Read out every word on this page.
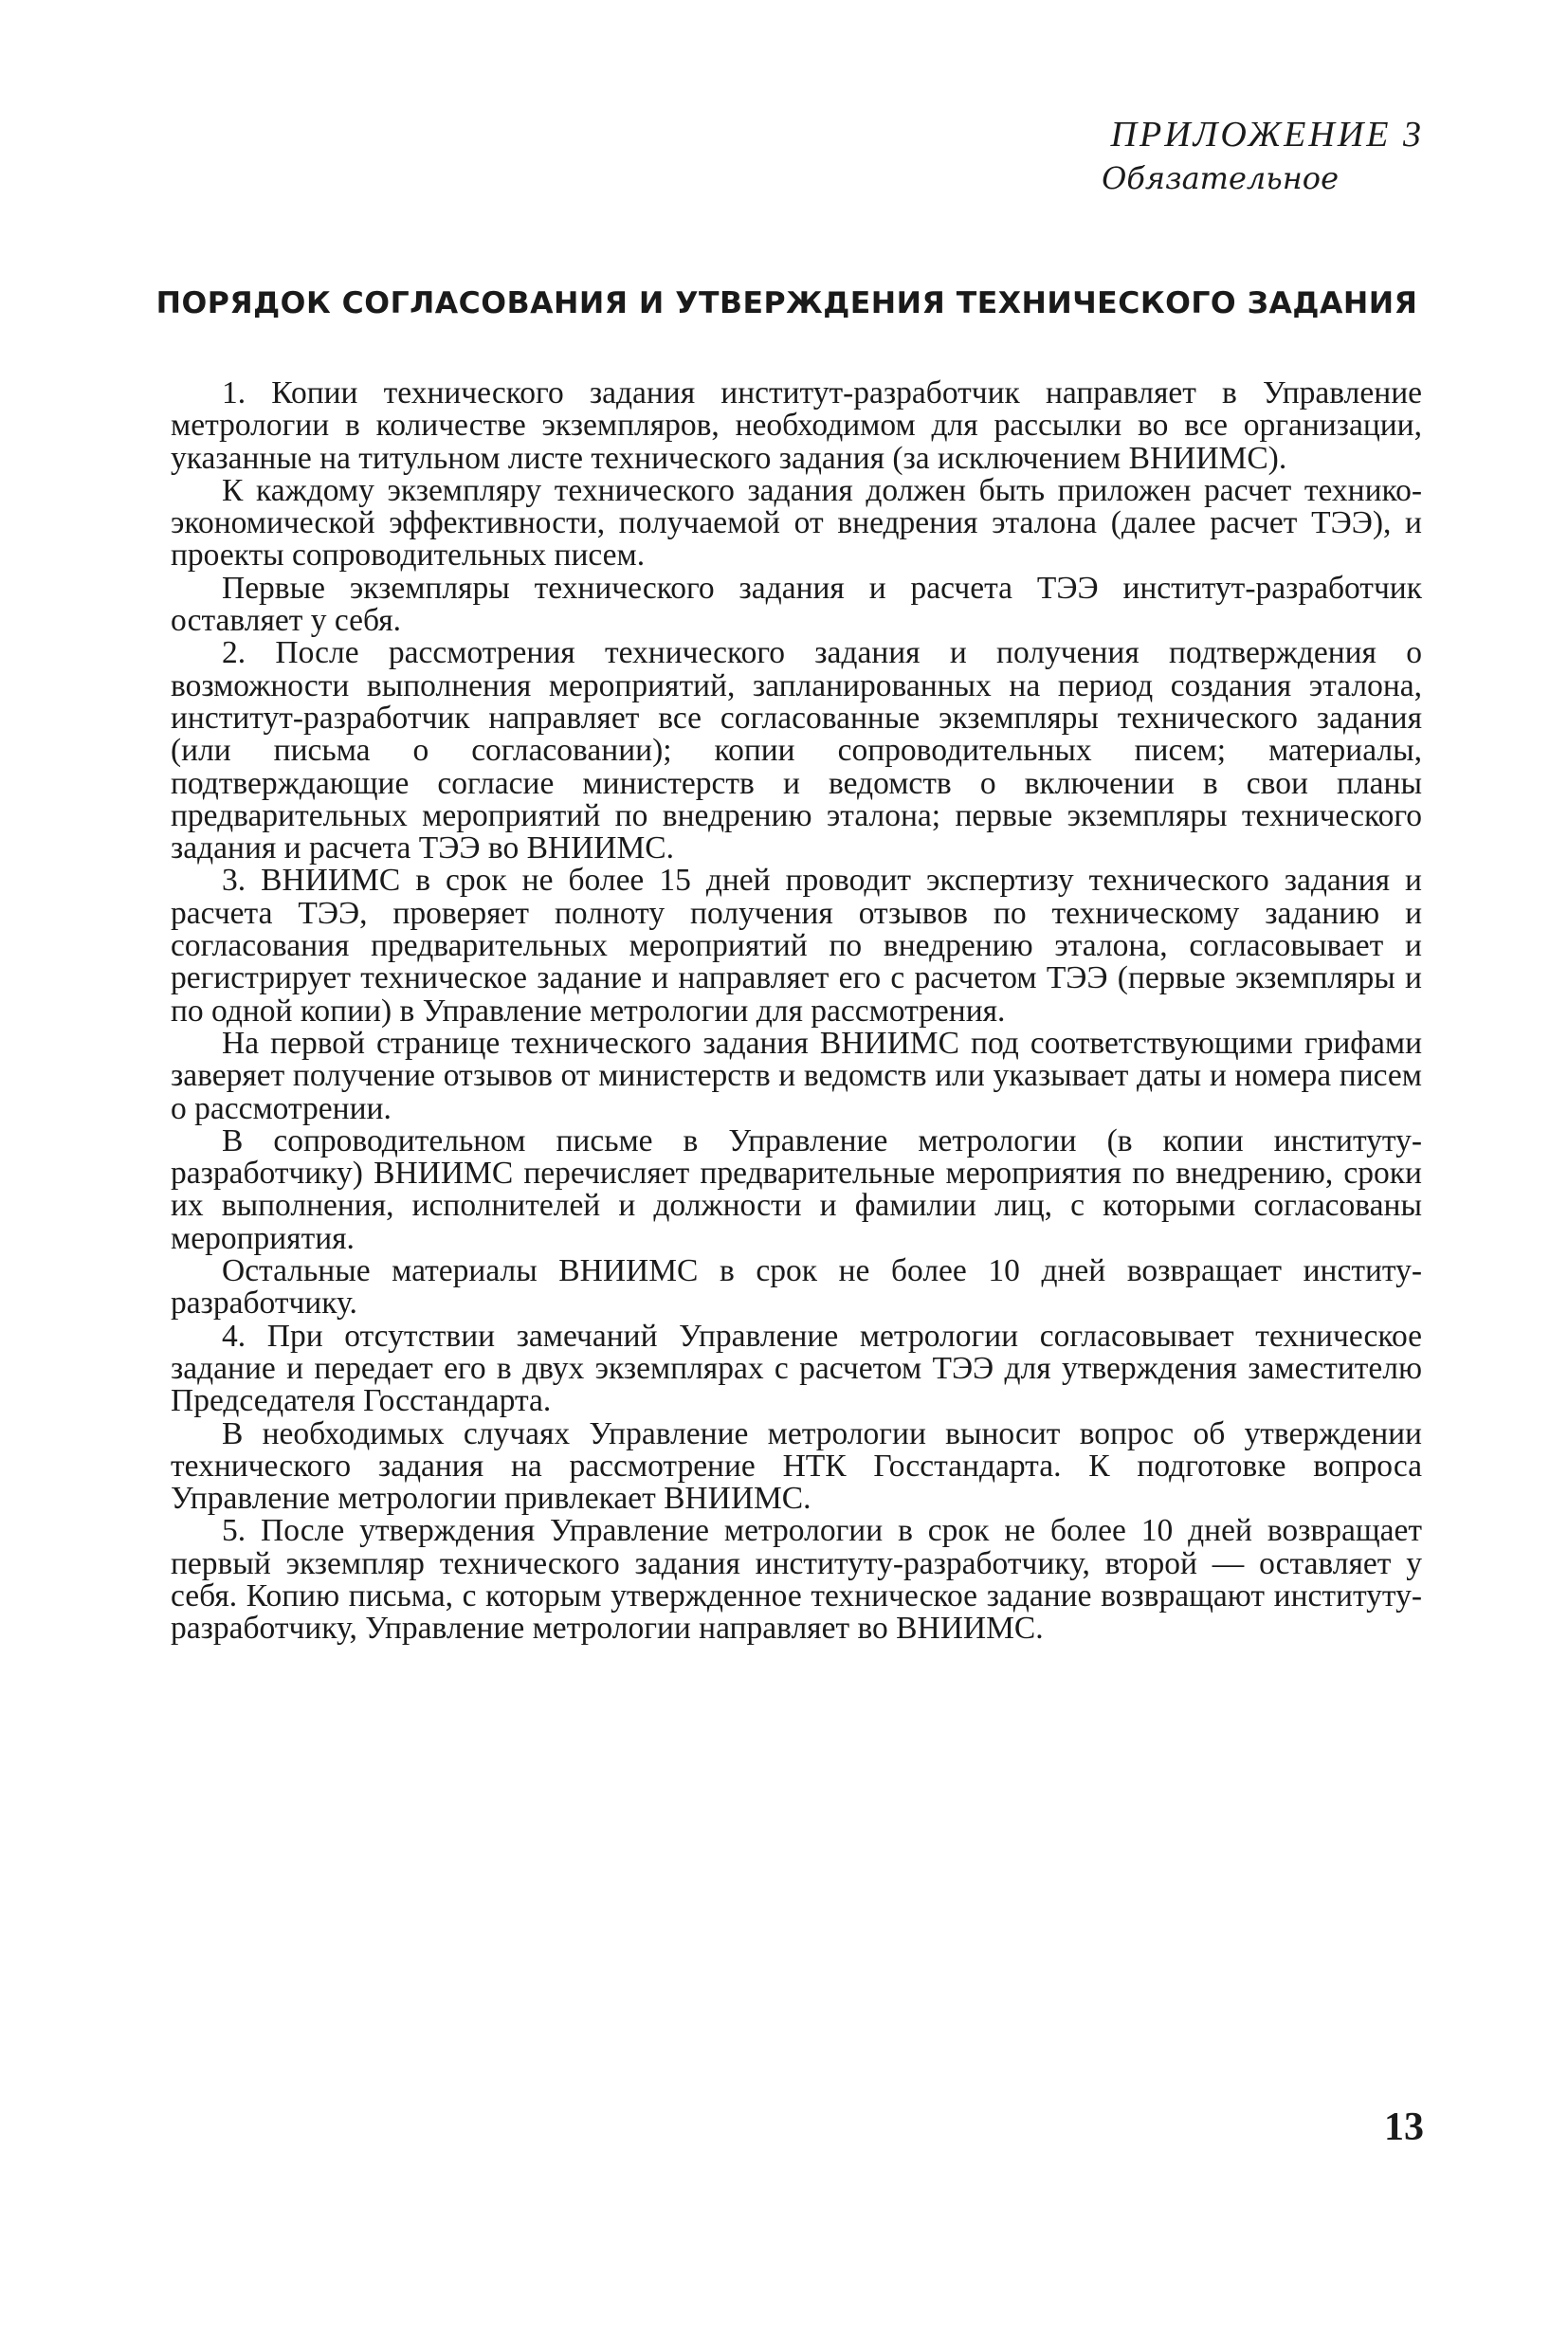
ПРИЛОЖЕНИЕ 3
Обязательное
ПОРЯДОК СОГЛАСОВАНИЯ И УТВЕРЖДЕНИЯ ТЕХНИЧЕСКОГО ЗАДАНИЯ

1. Копии технического задания институт-разработчик направляет в Управление метрологии в количестве экземпляров, необходимом для рассылки во все организации, указанные на титульном листе технического задания (за исключением ВНИИМС).

К каждому экземпляру технического задания должен быть приложен расчет технико-экономической эффективности, получаемой от внедрения эталона (далее расчет ТЭЭ), и проекты сопроводительных писем.

Первые экземпляры технического задания и расчета ТЭЭ институт-разработчик оставляет у себя.

2. После рассмотрения технического задания и получения подтверждения о возможности выполнения мероприятий, запланированных на период создания эталона, институт-разработчик направляет все согласованные экземпляры технического задания (или письма о согласовании); копии сопроводительных писем; материалы, подтверждающие согласие министерств и ведомств о включении в свои планы предварительных мероприятий по внедрению эталона; первые экземпляры технического задания и расчета ТЭЭ во ВНИИМС.

3. ВНИИМС в срок не более 15 дней проводит экспертизу технического задания и расчета ТЭЭ, проверяет полноту получения отзывов по техническому заданию и согласования предварительных мероприятий по внедрению эталона, согласовывает и регистрирует техническое задание и направляет его с расчетом ТЭЭ (первые экземпляры и по одной копии) в Управление метрологии для рассмотрения.

На первой странице технического задания ВНИИМС под соответствующими грифами заверяет получение отзывов от министерств и ведомств или указывает даты и номера писем о рассмотрении.

В сопроводительном письме в Управление метрологии (в копии институту-разработчику) ВНИИМС перечисляет предварительные мероприятия по внедрению, сроки их выполнения, исполнителей и должности и фамилии лиц, с которыми согласованы мероприятия.

Остальные материалы ВНИИМС в срок не более 10 дней возвращает институ-разработчику.

4. При отсутствии замечаний Управление метрологии согласовывает техническое задание и передает его в двух экземплярах с расчетом ТЭЭ для утверждения заместителю Председателя Госстандарта.

В необходимых случаях Управление метрологии выносит вопрос об утверждении технического задания на рассмотрение НТК Госстандарта. К подготовке вопроса Управление метрологии привлекает ВНИИМС.

5. После утверждения Управление метрологии в срок не более 10 дней возвращает первый экземпляр технического задания институту-разработчику, второй — оставляет у себя. Копию письма, с которым утвержденное техническое задание возвращают институту-разработчику, Управление метрологии направляет во ВНИИМС.

13
